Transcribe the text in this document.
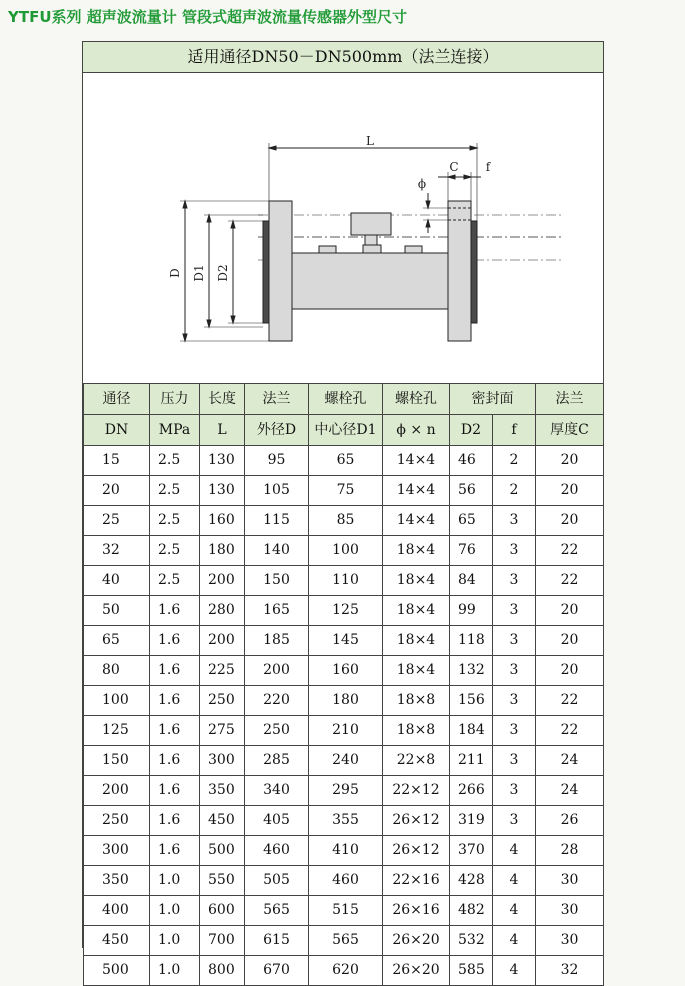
YTFU系列 超声波流量计 管段式超声波流量传感器外型尺寸
适用通径DN50－DN500mm（法兰连接）
L
C f
ϕ
D D1 D2
通径	压力	长度	法兰	螺栓孔	螺栓孔	密封面		法兰
DN	MPa	L	外径D	中心径D1	ϕ × n	D2	f	厚度C
15	2.5	130	95	65	14×4	46	2	20
20	2.5	130	105	75	14×4	56	2	20
25	2.5	160	115	85	14×4	65	3	20
32	2.5	180	140	100	18×4	76	3	22
40	2.5	200	150	110	18×4	84	3	22
50	1.6	280	165	125	18×4	99	3	20
65	1.6	200	185	145	18×4	118	3	20
80	1.6	225	200	160	18×4	132	3	20
100	1.6	250	220	180	18×8	156	3	22
125	1.6	275	250	210	18×8	184	3	22
150	1.6	300	285	240	22×8	211	3	24
200	1.6	350	340	295	22×12	266	3	24
250	1.6	450	405	355	26×12	319	3	26
300	1.6	500	460	410	26×12	370	4	28
350	1.0	550	505	460	22×16	428	4	30
400	1.0	600	565	515	26×16	482	4	30
450	1.0	700	615	565	26×20	532	4	30
500	1.0	800	670	620	26×20	585	4	32
